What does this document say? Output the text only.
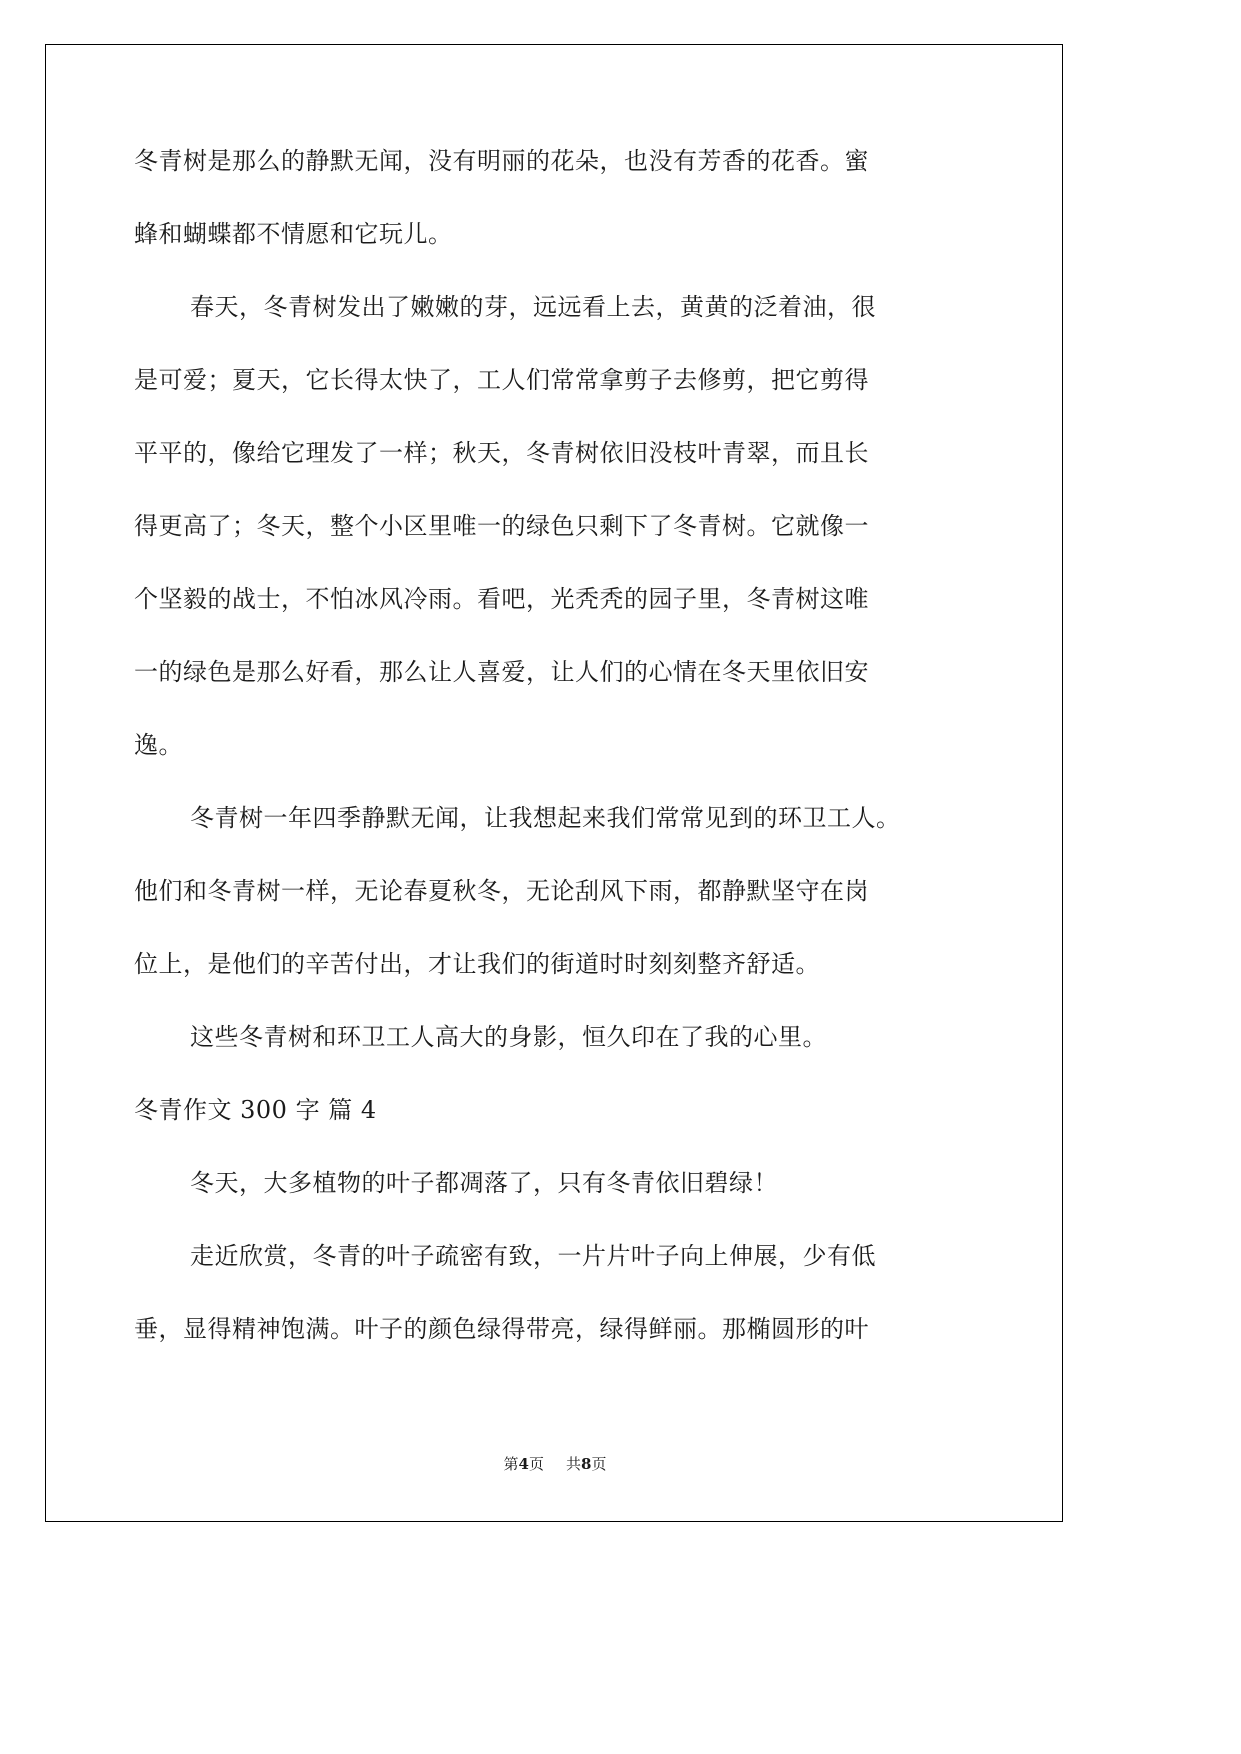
冬青树是那么的静默无闻，没有明丽的花朵，也没有芳香的花香。蜜
蜂和蝴蝶都不情愿和它玩儿。
春天，冬青树发出了嫩嫩的芽，远远看上去，黄黄的泛着油，很
是可爱；夏天，它长得太快了，工人们常常拿剪子去修剪，把它剪得
平平的，像给它理发了一样；秋天，冬青树依旧没枝叶青翠，而且长
得更高了；冬天，整个小区里唯一的绿色只剩下了冬青树。它就像一
个坚毅的战士，不怕冰风冷雨。看吧，光秃秃的园子里，冬青树这唯
一的绿色是那么好看，那么让人喜爱，让人们的心情在冬天里依旧安
逸。
冬青树一年四季静默无闻，让我想起来我们常常见到的环卫工人。
他们和冬青树一样，无论春夏秋冬，无论刮风下雨，都静默坚守在岗
位上，是他们的辛苦付出，才让我们的街道时时刻刻整齐舒适。
这些冬青树和环卫工人高大的身影，恒久印在了我的心里。
冬青作文 300 字 篇 4
冬天，大多植物的叶子都凋落了，只有冬青依旧碧绿！
走近欣赏，冬青的叶子疏密有致，一片片叶子向上伸展，少有低
垂，显得精神饱满。叶子的颜色绿得带亮，绿得鲜丽。那椭圆形的叶
第4页 共8页
